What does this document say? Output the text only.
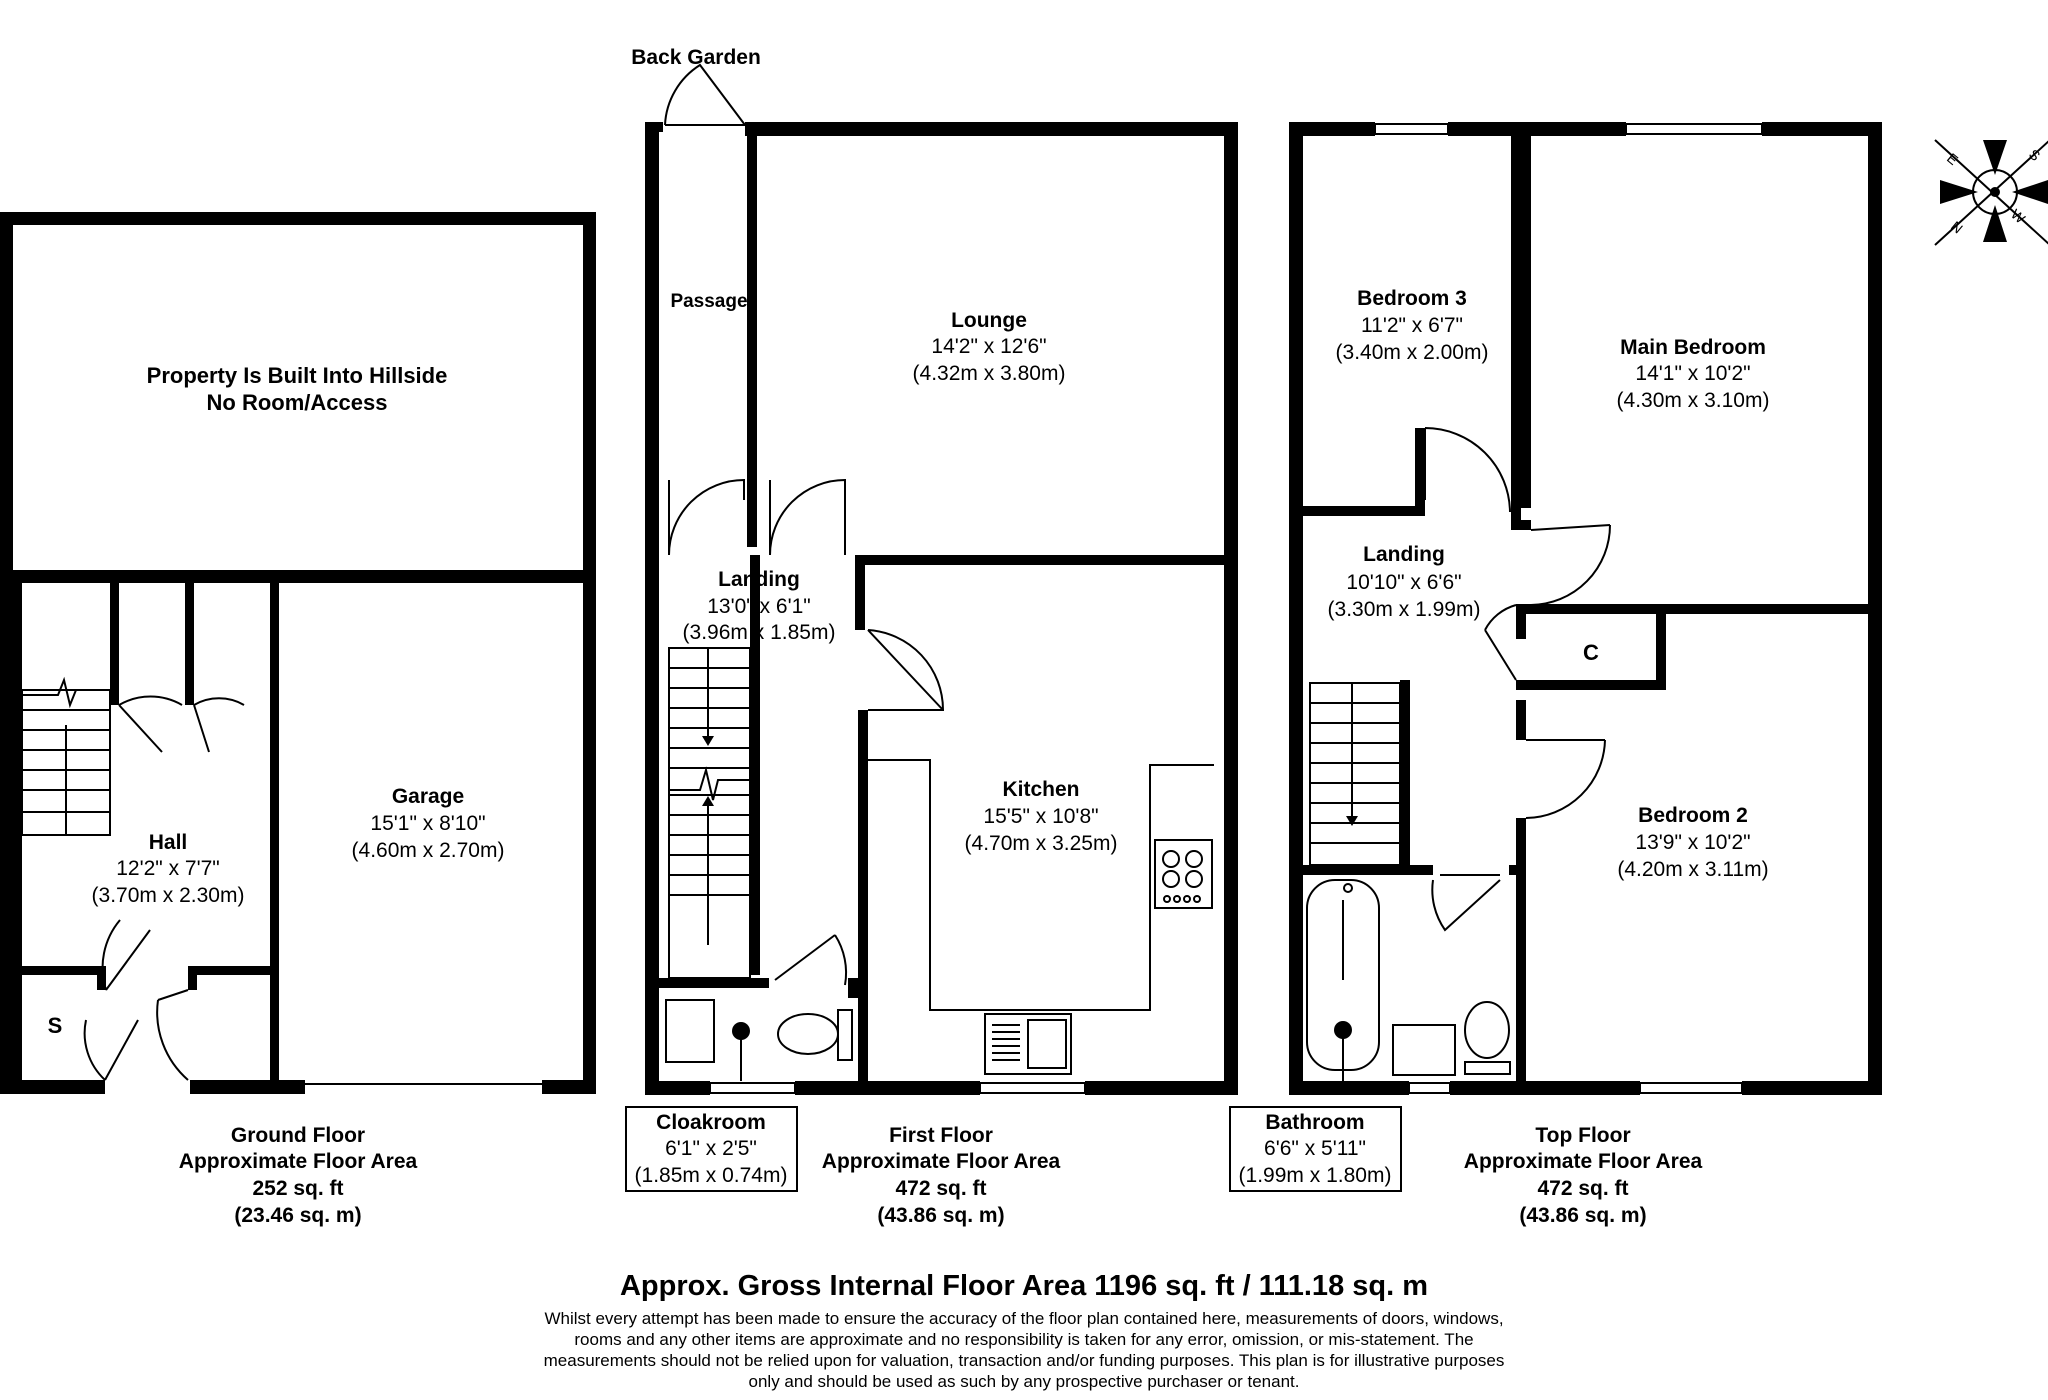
E	S
N
W
Back Garden
Passage
Property Is Built Into Hillside
No Room/Access
S
C
Lounge
14'2" x 12'6"
(4.32m x 3.80m)
Landing
13'0" x 6'1"
(3.96m x 1.85m)
Kitchen
15'5" x 10'8"
(4.70m x 3.25m)
Garage
15'1" x 8'10"
(4.60m x 2.70m)
Hall
12'2" x 7'7"
(3.70m x 2.30m)
Bedroom 3
11'2" x 6'7"
(3.40m x 2.00m)	Main Bedroom
14'1" x 10'2"
(4.30m x 3.10m)
Landing
10'10" x 6'6"
(3.30m x 1.99m)
Bedroom 2
13'9" x 10'2"
(4.20m x 3.11m)
Cloakroom
6'1" x 2'5"
(1.85m x 0.74m)
Bathroom
6'6" x 5'11"
(1.99m x 1.80m)
Ground Floor
Approximate Floor Area
252 sq. ft
(23.46 sq. m)
First Floor
Approximate Floor Area
472 sq. ft
(43.86 sq. m)
Top Floor
Approximate Floor Area
472 sq. ft
(43.86 sq. m)
Approx. Gross Internal Floor Area 1196 sq. ft / 111.18 sq. m
Whilst every attempt has been made to ensure the accuracy of the floor plan contained here, measurements of doors, windows,
rooms and any other items are approximate and no responsibility is taken for any error, omission, or mis-statement. The
measurements should not be relied upon for valuation, transaction and/or funding purposes. This plan is for illustrative purposes
only and should be used as such by any prospective purchaser or tenant.
